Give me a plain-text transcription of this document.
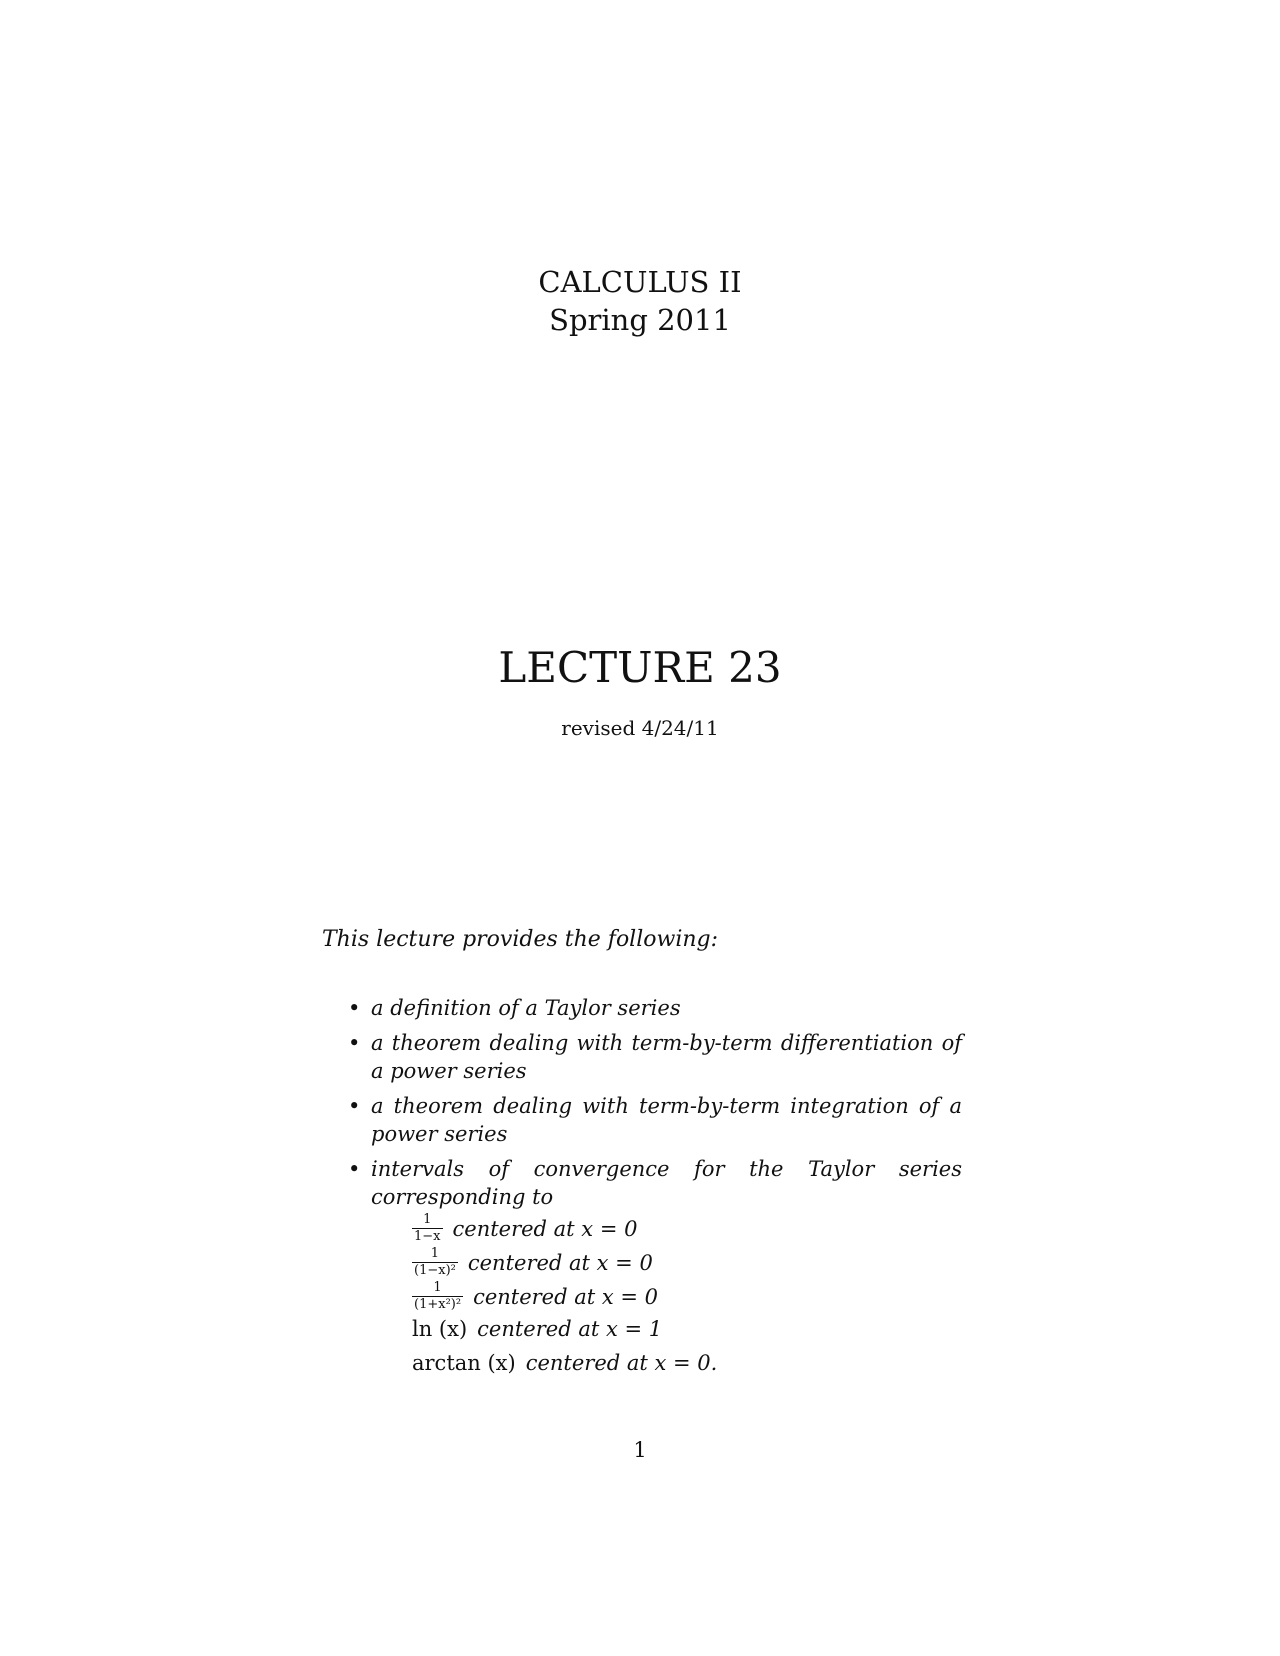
CALCULUS II
Spring 2011
LECTURE 23
revised 4/24/11
This lecture provides the following:
• a definition of a Taylor series
• a theorem dealing with term-by-term differentiation of a power series
• a theorem dealing with term-by-term integration of a power series
• intervals of convergence for the Taylor series corresponding to
$\frac{1}{1-x}$ centered at x = 0
$\frac{1}{\text{(1−x)²}}$ centered at x = 0
$\frac{1}{\text{(1+x²)²}}$ centered at x = 0
ln (x) centered at x = 1
arctan (x) centered at x = 0.
1
